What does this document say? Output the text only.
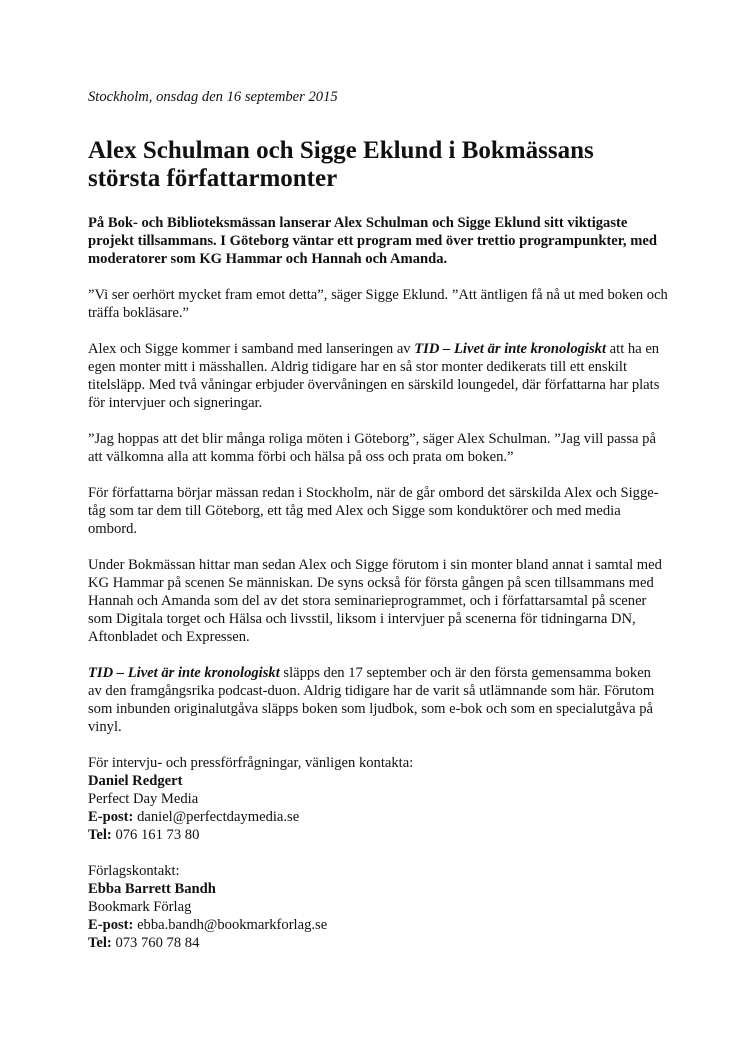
Stockholm, onsdag den 16 september 2015

Alex Schulman och Sigge Eklund i Bokmässans största författarmonter

På Bok- och Biblioteksmässan lanserar Alex Schulman och Sigge Eklund sitt viktigaste projekt tillsammans. I Göteborg väntar ett program med över trettio programpunkter, med moderatorer som KG Hammar och Hannah och Amanda.

”Vi ser oerhört mycket fram emot detta”, säger Sigge Eklund. ”Att äntligen få nå ut med boken och träffa bokläsare.”

Alex och Sigge kommer i samband med lanseringen av TID – Livet är inte kronologiskt att ha en egen monter mitt i mässhallen. Aldrig tidigare har en så stor monter dedikerats till ett enskilt titelsläpp. Med två våningar erbjuder övervåningen en särskild loungedel, där författarna har plats för intervjuer och signeringar.

”Jag hoppas att det blir många roliga möten i Göteborg”, säger Alex Schulman. ”Jag vill passa på att välkomna alla att komma förbi och hälsa på oss och prata om boken.”

För författarna börjar mässan redan i Stockholm, när de går ombord det särskilda Alex och Sigge-tåg som tar dem till Göteborg, ett tåg med Alex och Sigge som konduktörer och med media ombord.

Under Bokmässan hittar man sedan Alex och Sigge förutom i sin monter bland annat i samtal med KG Hammar på scenen Se människan. De syns också för första gången på scen tillsammans med Hannah och Amanda som del av det stora seminarieprogrammet, och i författarsamtal på scener som Digitala torget och Hälsa och livsstil, liksom i intervjuer på scenerna för tidningarna DN, Aftonbladet och Expressen.

TID – Livet är inte kronologiskt släpps den 17 september och är den första gemensamma boken av den framgångsrika podcast-duon. Aldrig tidigare har de varit så utlämnande som här. Förutom som inbunden originalutgåva släpps boken som ljudbok, som e-bok och som en specialutgåva på vinyl.

För intervju- och pressförfrågningar, vänligen kontakta:
Daniel Redgert
Perfect Day Media
E-post: daniel@perfectdaymedia.se
Tel: 076 161 73 80
Förlagskontakt:
Ebba Barrett Bandh
Bookmark Förlag
E-post: ebba.bandh@bookmarkforlag.se
Tel: 073 760 78 84
